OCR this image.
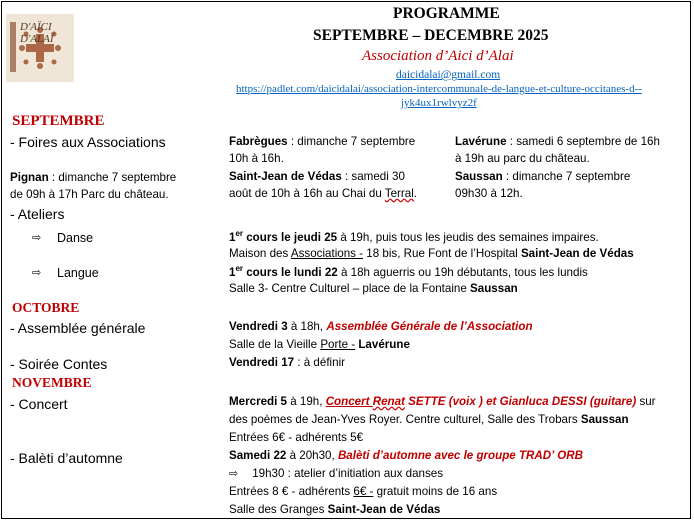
D'AÏCI D'ALAÏ
PROGRAMME
SEPTEMBRE – DECEMBRE 2025
Association d’Aici d’Alai
daicidalai@gmail.com
https://padlet.com/daicidalai/association-intercommunale-de-langue-et-culture-occitanes-d--
jyk4ux1rwlvyz2f
SEPTEMBRE
- Foires aux Associations	Fabrègues : dimanche 7 septembre
10h à 16h.
Saint-Jean de Védas : samedi 30
août de 10h à 16h au Chai du Terral.
Lavérune : samedi 6 septembre de 16h
à 19h au parc du château.
Saussan : dimanche 7 septembre
09h30 à 12h.
Pignan : dimanche 7 septembre
de 09h à 17h Parc du château.
- Ateliers
⇨ Danse	1er cours le jeudi 25 à 19h, puis tous les jeudis des semaines impaires.
Maison des Associations - 18 bis, Rue Font de l’Hospital Saint-Jean de Védas
⇨ Langue	1er cours le lundi 22 à 18h aguerris ou 19h débutants, tous les lundis
Salle 3- Centre Culturel – place de la Fontaine Saussan
OCTOBRE
- Assemblée générale	Vendredi 3 à 18h, Assemblée Générale de l’Association
Salle de la Vieille Porte - Lavérune
- Soirée Contes	Vendredi 17 : à définir
NOVEMBRE
- Concert	Mercredi 5 à 19h, Concert Renat SETTE (voix ) et Gianluca DESSI (guitare) sur
des poèmes de Jean-Yves Royer. Centre culturel, Salle des Trobars Saussan
Entrées 6€ - adhérents 5€
- Balèti d’automne	Samedi 22 à 20h30, Balèti d’automne avec le groupe TRAD’ ORB
⇨ 19h30 : atelier d’initiation aux danses
Entrées 8 € - adhérents 6€ - gratuit moins de 16 ans
Salle des Granges Saint-Jean de Védas
